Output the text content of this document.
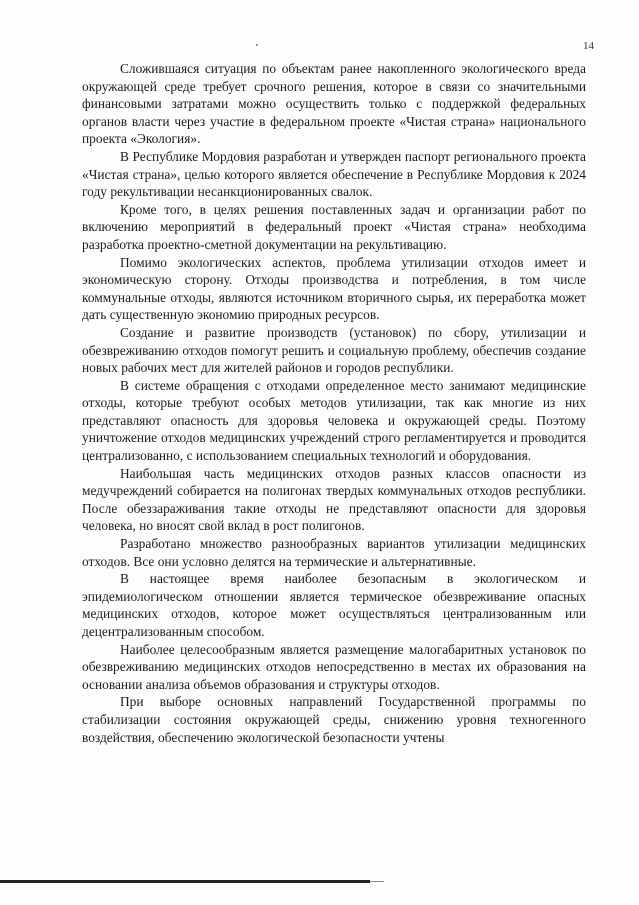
14

Сложившаяся ситуация по объектам ранее накопленного экологического вреда окружающей среде требует срочного решения, которое в связи со значительными финансовыми затратами можно осуществить только с поддержкой федеральных органов власти через участие в федеральном проекте «Чистая страна» национального проекта «Экология».

В Республике Мордовия разработан и утвержден паспорт регионального проекта «Чистая страна», целью которого является обеспечение в Республике Мордовия к 2024 году рекультивации несанкционированных свалок.

Кроме того, в целях решения поставленных задач и организации работ по включению мероприятий в федеральный проект «Чистая страна» необходима разработка проектно-сметной документации на рекультивацию.

Помимо экологических аспектов, проблема утилизации отходов имеет и экономическую сторону. Отходы производства и потребления, в том числе коммунальные отходы, являются источником вторичного сырья, их переработка может дать существенную экономию природных ресурсов.

Создание и развитие производств (установок) по сбору, утилизации и обезвреживанию отходов помогут решить и социальную проблему, обеспечив создание новых рабочих мест для жителей районов и городов республики.

В системе обращения с отходами определенное место занимают медицинские отходы, которые требуют особых методов утилизации, так как многие из них представляют опасность для здоровья человека и окружающей среды. Поэтому уничтожение отходов медицинских учреждений строго регламентируется и проводится централизованно, с использованием специальных технологий и оборудования.

Наибольшая часть медицинских отходов разных классов опасности из медучреждений собирается на полигонах твердых коммунальных отходов республики. После обеззараживания такие отходы не представляют опасности для здоровья человека, но вносят свой вклад в рост полигонов.

Разработано множество разнообразных вариантов утилизации медицинских отходов. Все они условно делятся на термические и альтернативные.

В настоящее время наиболее безопасным в экологическом и эпидемиологическом отношении является термическое обезвреживание опасных медицинских отходов, которое может осуществляться централизованным или децентрализованным способом.

Наиболее целесообразным является размещение малогабаритных установок по обезвреживанию медицинских отходов непосредственно в местах их образования на основании анализа объемов образования и структуры отходов.

При выборе основных направлений Государственной программы по стабилизации состояния окружающей среды, снижению уровня техногенного воздействия, обеспечению экологической безопасности учтены
